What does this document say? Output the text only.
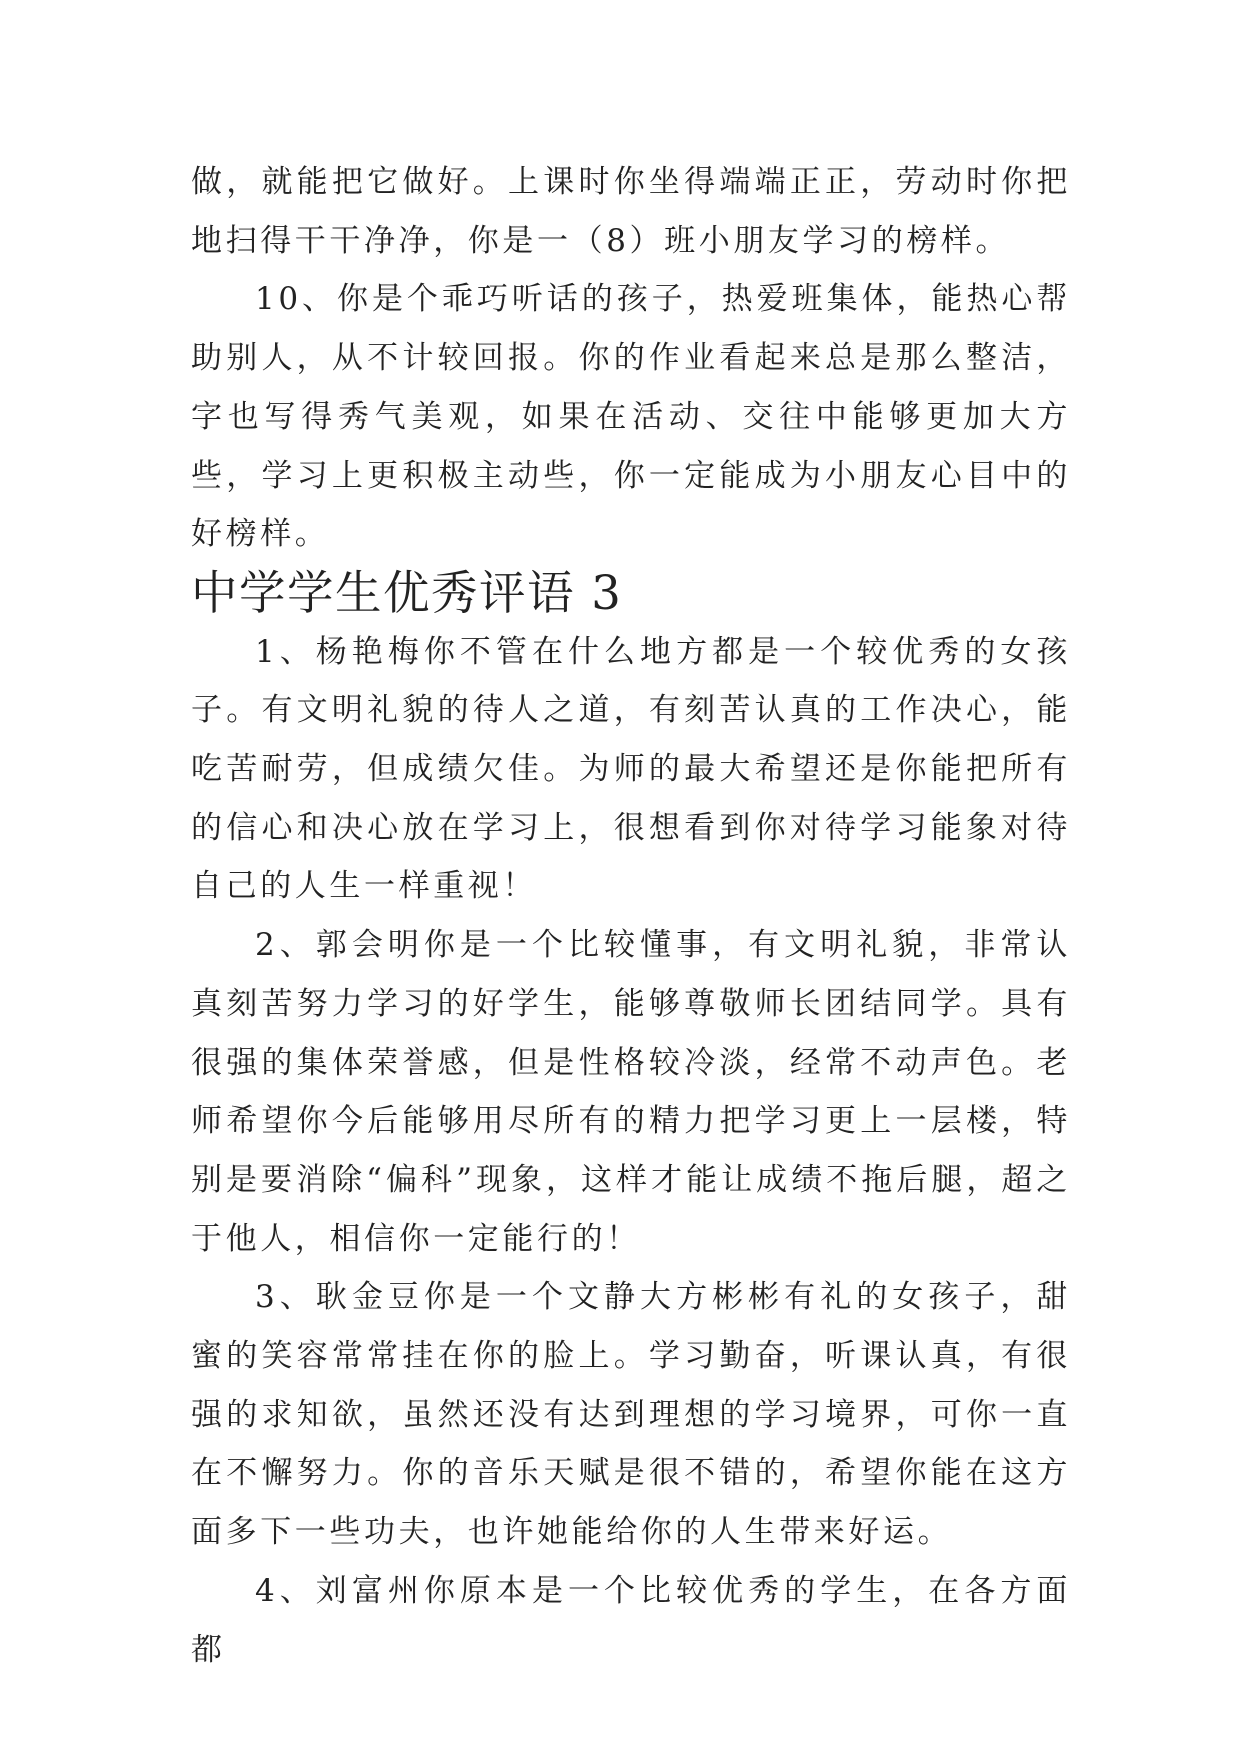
做，就能把它做好。上课时你坐得端端正正，劳动时你把地扫得干干净净，你是一（8）班小朋友学习的榜样。

10、你是个乖巧听话的孩子，热爱班集体，能热心帮助别人，从不计较回报。你的作业看起来总是那么整洁，字也写得秀气美观，如果在活动、交往中能够更加大方些，学习上更积极主动些，你一定能成为小朋友心目中的好榜样。

中学学生优秀评语 3

1、杨艳梅你不管在什么地方都是一个较优秀的女孩子。有文明礼貌的待人之道，有刻苦认真的工作决心，能吃苦耐劳，但成绩欠佳。为师的最大希望还是你能把所有的信心和决心放在学习上，很想看到你对待学习能象对待自己的人生一样重视！

2、郭会明你是一个比较懂事，有文明礼貌，非常认真刻苦努力学习的好学生，能够尊敬师长团结同学。具有很强的集体荣誉感，但是性格较冷淡，经常不动声色。老师希望你今后能够用尽所有的精力把学习更上一层楼，特别是要消除“偏科”现象，这样才能让成绩不拖后腿，超之于他人，相信你一定能行的！

3、耿金豆你是一个文静大方彬彬有礼的女孩子，甜蜜的笑容常常挂在你的脸上。学习勤奋，听课认真，有很强的求知欲，虽然还没有达到理想的学习境界，可你一直在不懈努力。你的音乐天赋是很不错的，希望你能在这方面多下一些功夫，也许她能给你的人生带来好运。

4、刘富州你原本是一个比较优秀的学生，在各方面都
